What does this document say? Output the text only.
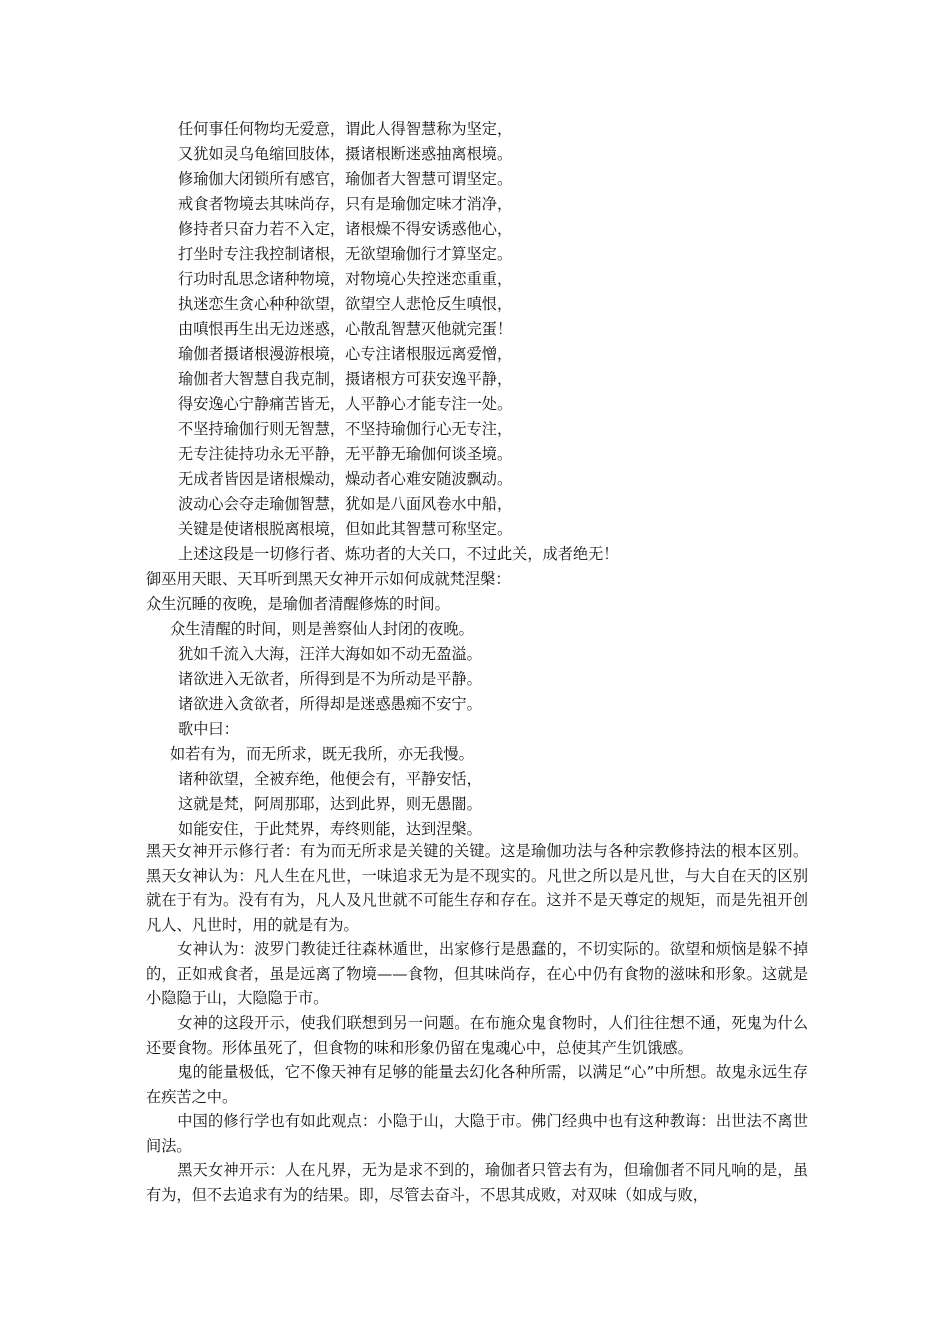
任何事任何物均无爱意，谓此人得智慧称为坚定，
又犹如灵乌龟缩回肢体，摄诸根断迷惑抽离根境。
修瑜伽大闭锁所有感官，瑜伽者大智慧可谓坚定。
戒食者物境去其味尚存，只有是瑜伽定味才消净，
修持者只奋力若不入定，诸根燥不得安诱惑他心，
打坐时专注我控制诸根，无欲望瑜伽行才算坚定。
行功时乱思念诸种物境，对物境心失控迷恋重重，
执迷恋生贪心种种欲望，欲望空人悲怆反生嗔恨，
由嗔恨再生出无边迷惑，心散乱智慧灭他就完蛋！
瑜伽者摄诸根漫游根境，心专注诸根服远离爱憎，
瑜伽者大智慧自我克制，摄诸根方可获安逸平静，
得安逸心宁静痛苦皆无，人平静心才能专注一处。
不坚持瑜伽行则无智慧，不坚持瑜伽行心无专注，
无专注徒持功永无平静，无平静无瑜伽何谈圣境。
无成者皆因是诸根燥动，燥动者心难安随波飘动。
波动心会夺走瑜伽智慧，犹如是八面风卷水中船，
关键是使诸根脱离根境，但如此其智慧可称坚定。
上述这段是一切修行者、炼功者的大关口，不过此关，成者绝无！
御巫用天眼、天耳听到黑天女神开示如何成就梵涅槃：
众生沉睡的夜晚，是瑜伽者清醒修炼的时间。
众生清醒的时间，则是善察仙人封闭的夜晚。
犹如千流入大海，汪洋大海如如不动无盈溢。
诸欲进入无欲者，所得到是不为所动是平静。
诸欲进入贪欲者，所得却是迷惑愚痴不安宁。
歌中曰：
如若有为，而无所求，既无我所，亦无我慢。
诸种欲望，全被弃绝，他便会有，平静安恬，
这就是梵，阿周那耶，达到此界，则无愚闇。
如能安住，于此梵界，寿终则能，达到涅槃。
黑天女神开示修行者：有为而无所求是关键的关键。这是瑜伽功法与各种宗教修持法的根本区别。黑天女神认为：凡人生在凡世，一味追求无为是不现实的。凡世之所以是凡世，与大自在天的区别就在于有为。没有有为，凡人及凡世就不可能生存和存在。这并不是天尊定的规矩，而是先祖开创凡人、凡世时，用的就是有为。
女神认为：波罗门教徒迁往森林遁世，出家修行是愚蠢的，不切实际的。欲望和烦恼是躲不掉的，正如戒食者，虽是远离了物境——食物，但其味尚存，在心中仍有食物的滋味和形象。这就是小隐隐于山，大隐隐于市。
女神的这段开示，使我们联想到另一问题。在布施众鬼食物时，人们往往想不通，死鬼为什么还要食物。形体虽死了，但食物的味和形象仍留在鬼魂心中，总使其产生饥饿感。
鬼的能量极低，它不像天神有足够的能量去幻化各种所需，以满足“心”中所想。故鬼永远生存在疾苦之中。
中国的修行学也有如此观点：小隐于山，大隐于市。佛门经典中也有这种教诲：出世法不离世间法。
黑天女神开示：人在凡界，无为是求不到的，瑜伽者只管去有为，但瑜伽者不同凡响的是，虽有为，但不去追求有为的结果。即，尽管去奋斗，不思其成败，对双味（如成与败，
